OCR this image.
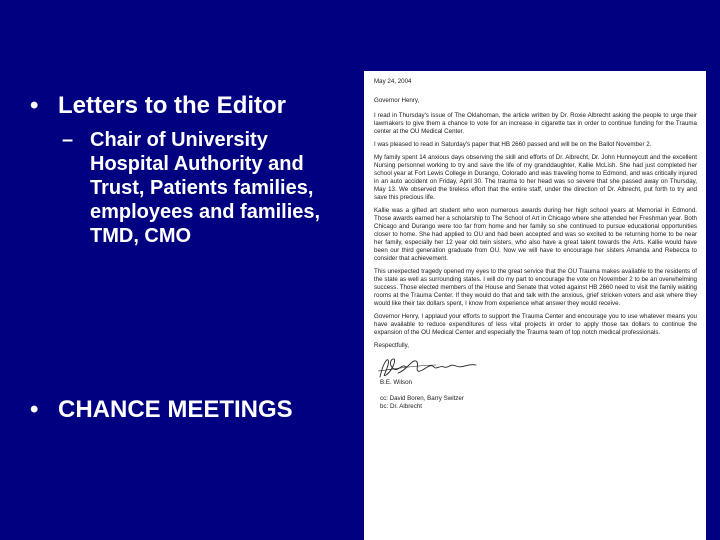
• Letters to the Editor
– Chair of University Hospital Authority and Trust, Patients families, employees and families, TMD, CMO
• CHANCE MEETINGS

May 24, 2004

Governor Henry,

I read in Thursday's issue of The Oklahoman, the article written by Dr. Roxie Albrecht asking the people to urge their lawmakers to give them a chance to vote for an increase in cigarette tax in order to continue funding for the Trauma center at the OU Medical Center.

I was pleased to read in Saturday's paper that HB 2660 passed and will be on the Ballot November 2.

My family spent 14 anxious days observing the skill and efforts of Dr. Albrecht, Dr. John Hunneycutt and the excellent Nursing personnel working to try and save the life of my granddaughter, Kallie McLish. She had just completed her school year at Fort Lewis College in Durango, Colorado and was traveling home to Edmond, and was critically injured in an auto accident on Friday, April 30. The trauma to her head was so severe that she passed away on Thursday, May 13. We observed the tireless effort that the entire staff, under the direction of Dr. Albrecht, put forth to try and save this precious life.

Kallie was a gifted art student who won numerous awards during her high school years at Memorial in Edmond. Those awards earned her a scholarship to The School of Art in Chicago where she attended her Freshman year. Both Chicago and Durango were too far from home and her family so she continued to pursue educational opportunities closer to home. She had applied to OU and had been accepted and was so excited to be returning home to be near her family, especially her 12 year old twin sisters, who also have a great talent towards the Arts. Kallie would have been our third generation graduate from OU. Now we will have to encourage her sisters Amanda and Rebecca to consider that achievement.

This unexpected tragedy opened my eyes to the great service that the OU Trauma makes available to the residents of the state as well as surrounding states. I will do my part to encourage the vote on November 2 to be an overwhelming success. Those elected members of the House and Senate that voted against HB 2660 need to visit the family waiting rooms at the Trauma Center. If they would do that and talk with the anxious, grief stricken voters and ask where they would like their tax dollars spent, I know from experience what answer they would receive.

Governor Henry, I applaud your efforts to support the Trauma Center and encourage you to use whatever means you have available to reduce expenditures of less vital projects in order to apply those tax dollars to continue the expansion of the OU Medical Center and especially the Trauma team of top notch medical professionals.

Respectfully,

B.E. Wilson

cc: David Boren, Barry Switzer

bc: Dr. Albrecht
